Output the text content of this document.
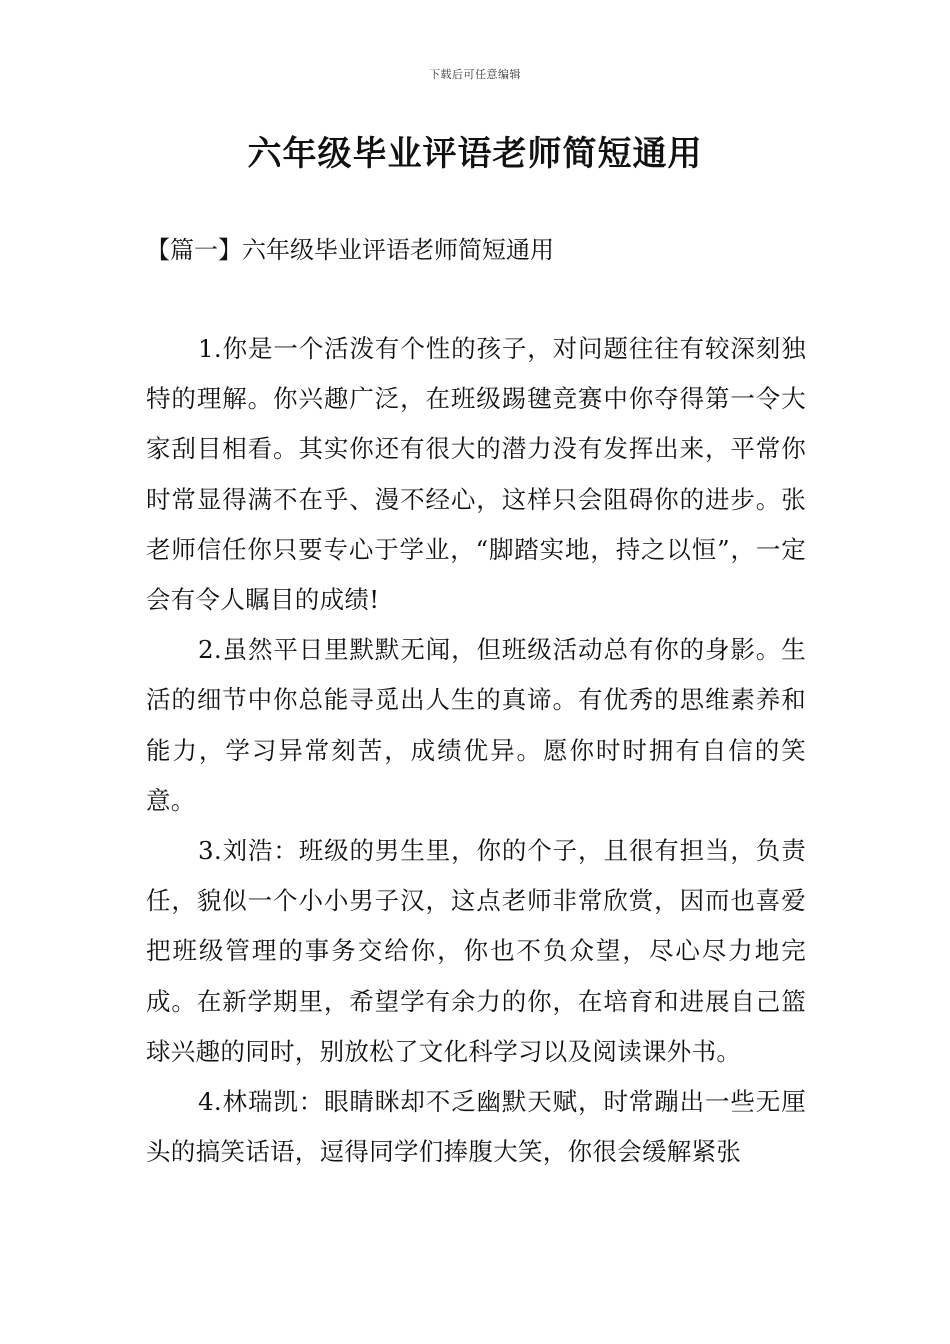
下载后可任意编辑
六年级毕业评语老师简短通用
【篇一】六年级毕业评语老师简短通用

1.你是一个活泼有个性的孩子，对问题往往有较深刻独特的理解。你兴趣广泛，在班级踢毽竞赛中你夺得第一令大家刮目相看。其实你还有很大的潜力没有发挥出来，平常你时常显得满不在乎、漫不经心，这样只会阻碍你的进步。张老师信任你只要专心于学业，“脚踏实地，持之以恒”，一定会有令人瞩目的成绩!

2.虽然平日里默默无闻，但班级活动总有你的身影。生活的细节中你总能寻觅出人生的真谛。有优秀的思维素养和能力，学习异常刻苦，成绩优异。愿你时时拥有自信的笑意。

3.刘浩：班级的男生里，你的个子，且很有担当，负责任，貌似一个小小男子汉，这点老师非常欣赏，因而也喜爱把班级管理的事务交给你，你也不负众望，尽心尽力地完成。在新学期里，希望学有余力的你，在培育和进展自己篮球兴趣的同时，别放松了文化科学习以及阅读课外书。

4.林瑞凯：眼睛眯却不乏幽默天赋，时常蹦出一些无厘头的搞笑话语，逗得同学们捧腹大笑，你很会缓解紧张
